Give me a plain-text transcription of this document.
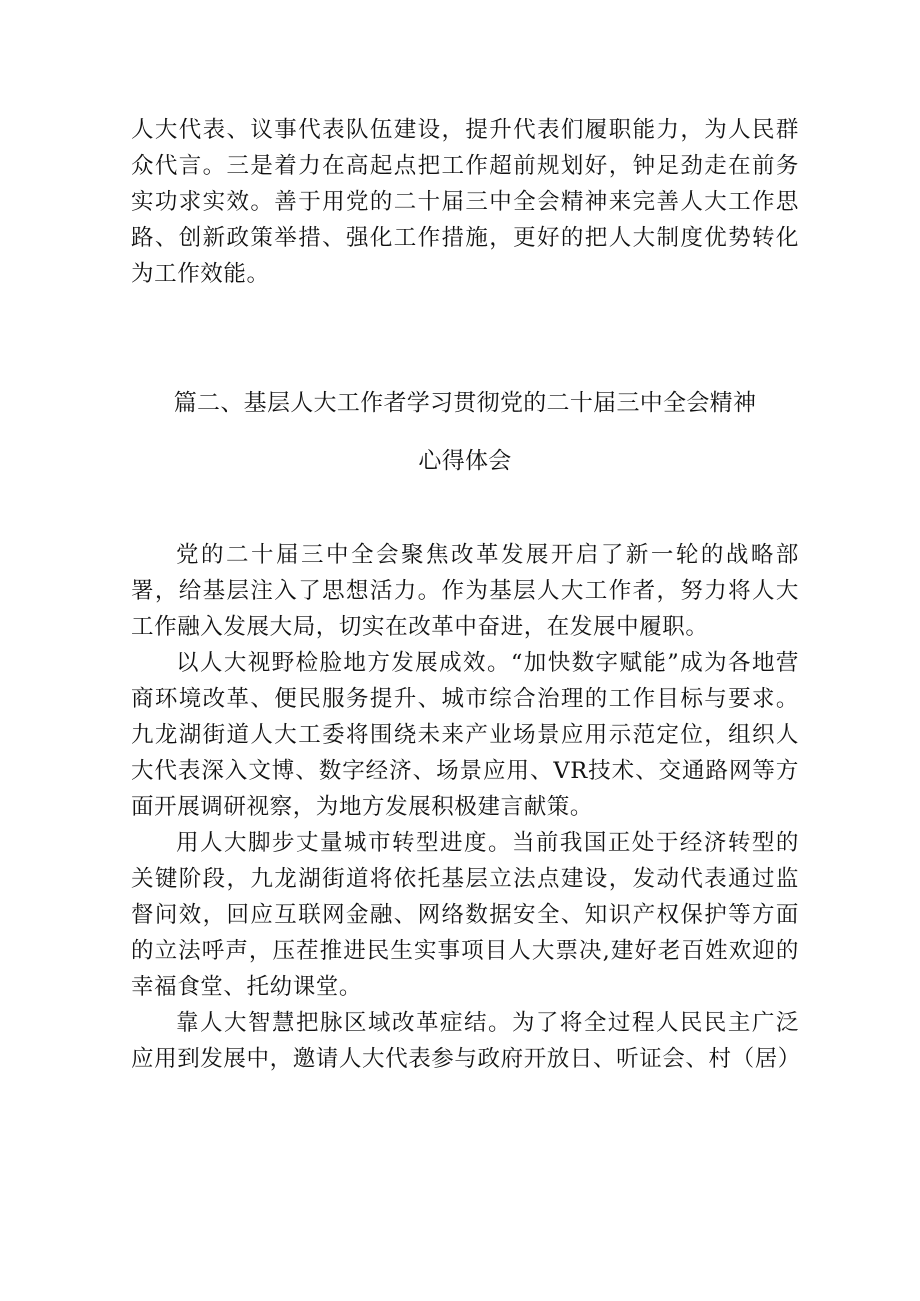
人大代表、议事代表队伍建设，提升代表们履职能力，为人民群众代言。三是着力在高起点把工作超前规划好，钟足劲走在前务实功求实效。善于用党的二十届三中全会精神来完善人大工作思路、创新政策举措、强化工作措施，更好的把人大制度优势转化为工作效能。

篇二、基层人大工作者学习贯彻党的二十届三中全会精神
心得体会

党的二十届三中全会聚焦改革发展开启了新一轮的战略部署，给基层注入了思想活力。作为基层人大工作者，努力将人大工作融入发展大局，切实在改革中奋进，在发展中履职。

以人大视野检脸地方发展成效。“加快数字赋能”成为各地营商环境改革、便民服务提升、城市综合治理的工作目标与要求。九龙湖街道人大工委将围绕未来产业场景应用示范定位，组织人大代表深入文博、数字经济、场景应用、VR技术、交通路网等方面开展调研视察，为地方发展积极建言献策。

用人大脚步丈量城市转型进度。当前我国正处于经济转型的关键阶段，九龙湖街道将依托基层立法点建设，发动代表通过监督问效，回应互联网金融、网络数据安全、知识产权保护等方面的立法呼声，压茬推进民生实事项目人大票决,建好老百姓欢迎的幸福食堂、托幼课堂。

靠人大智慧把脉区域改革症结。为了将全过程人民民主广泛应用到发展中，邀请人大代表参与政府开放日、听证会、村（居）
